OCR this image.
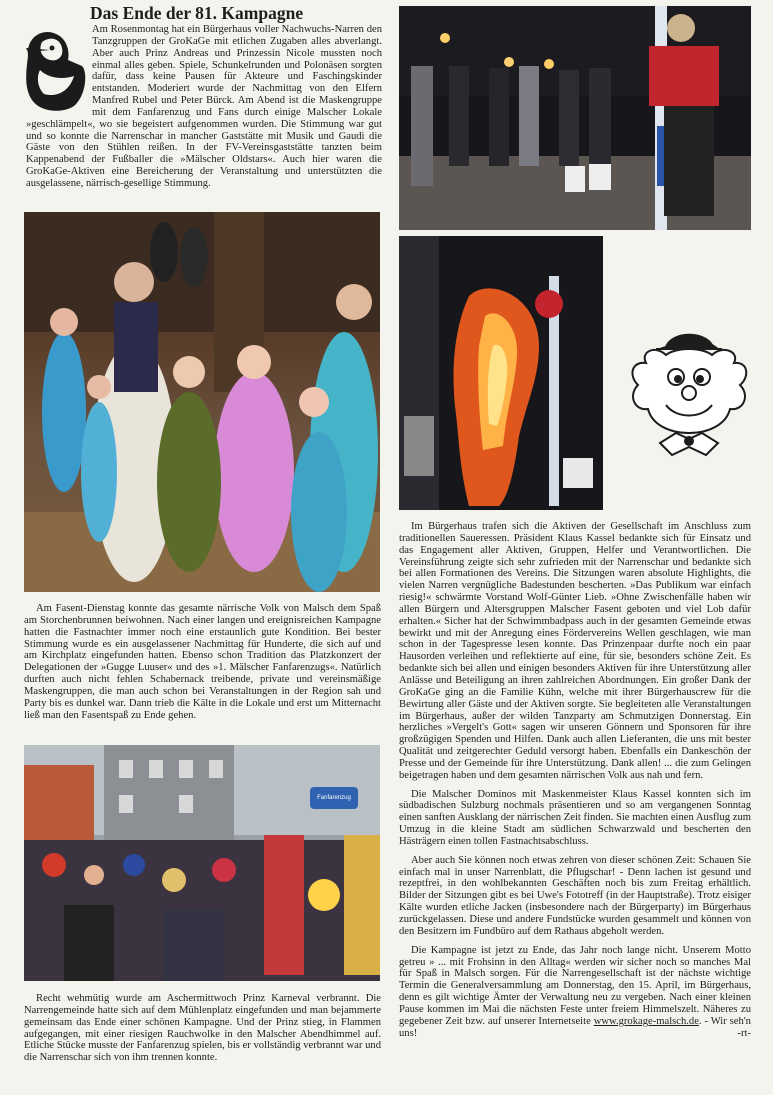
Das Ende der 81. Kampagne
Am Rosenmontag hat ein Bürgerhaus voller Nachwuchs-Narren den Tanzgruppen der GroKaGe mit etlichen Zugaben alles abverlangt. Aber auch Prinz Andreas und Prinzessin Nicole mussten noch einmal alles geben. Spiele, Schunkelrunden und Polonäsen sorgten dafür, dass keine Pausen für Akteure und Faschingskinder entstanden. Moderiert wurde der Nachmittag von den Elfern Manfred Rubel und Peter Bürck. Am Abend ist die Maskengruppe mit dem Fanfarenzug und Fans durch einige Malscher Lokale »geschlämpelt«, wo sie begeistert aufgenommen wurden. Die Stimmung war gut und so konnte die Narrenschar in mancher Gaststätte mit Musik und Gaudi die Gäste von den Stühlen reißen. In der FV-Vereinsgaststätte tanzten beim Kappenabend der Fußballer die »Mälscher Oldstars«. Auch hier waren die GroKaGe-Aktiven eine Bereicherung der Veranstaltung und unterstützten die ausgelassene, närrisch-gesellige Stimmung.

Am Fasent-Dienstag konnte das gesamte närrische Volk von Malsch dem Spaß am Storchenbrunnen beiwohnen. Nach einer langen und ereignisreichen Kampagne hatten die Fastnachter immer noch eine erstaunlich gute Kondition. Bei bester Stimmung wurde es ein ausgelassener Nachmittag für Hunderte, die sich auf und am Kirchplatz eingefunden hatten. Ebenso schon Tradition das Platzkonzert der Delegationen der »Gugge Luuser« und des »1. Mälscher Fanfarenzugs«. Natürlich durften auch nicht fehlen Schabernack treibende, private und vereinsmäßige Maskengruppen, die man auch schon bei Veranstaltungen in der Region sah und Party bis es dunkel war. Dann trieb die Kälte in die Lokale und erst um Mitternacht ließ man den Fasentspaß zu Ende gehen.

Fanfarenzug

Recht wehmütig wurde am Aschermittwoch Prinz Karneval verbrannt. Die Narrengemeinde hatte sich auf dem Mühlenplatz eingefunden und man bejammerte gemeinsam das Ende einer schönen Kampagne. Und der Prinz stieg, in Flammen aufgegangen, mit einer riesigen Rauchwolke in den Malscher Abendhimmel auf. Etliche Stücke musste der Fanfarenzug spielen, bis er vollständig verbrannt war und die Narrenschar sich von ihm trennen konnte.

Im Bürgerhaus trafen sich die Aktiven der Gesellschaft im Anschluss zum traditionellen Saueressen. Präsident Klaus Kassel bedankte sich für Einsatz und das Engagement aller Aktiven, Gruppen, Helfer und Verantwortlichen. Die Vereinsführung zeigte sich sehr zufrieden mit der Narrenschar und bedankte sich bei allen Formationen des Vereins. Die Sitzungen waren absolute Highlights, die vielen Narren vergnügliche Badestunden bescherten. »Das Publikum war einfach riesig!« schwärmte Vorstand Wolf-Günter Lieb. »Ohne Zwischenfälle haben wir allen Bürgern und Altersgruppen Malscher Fasent geboten und viel Lob dafür erhalten.« Sicher hat der Schwimmbadpass auch in der gesamten Gemeinde etwas bewirkt und mit der Anregung eines Fördervereins Wellen geschlagen, wie man schon in der Tagespresse lesen konnte. Das Prinzenpaar durfte noch ein paar Hausorden verleihen und reflektierte auf eine, für sie, besonders schöne Zeit. Es bedankte sich bei allen und einigen besonders Aktiven für ihre Unterstützung aller Anlässe und Beteiligung an ihren zahlreichen Abordnungen. Ein großer Dank der GroKaGe ging an die Familie Kühn, welche mit ihrer Bürgerhauscrew für die Bewirtung aller Gäste und der Aktiven sorgte. Sie begleiteten alle Veranstaltungen im Bürgerhaus, außer der wilden Tanzparty am Schmutzigen Donnerstag. Ein herzliches »Vergelt's Gott« sagen wir unseren Gönnern und Sponsoren für ihre großzügigen Spenden und Hilfen. Dank auch allen Lieferanten, die uns mit bester Qualität und zeitgerechter Geduld versorgt haben. Ebenfalls ein Dankeschön der Presse und der Gemeinde für ihre Unterstützung. Dank allen! ... die zum Gelingen beigetragen haben und dem gesamten närrischen Volk aus nah und fern.

Die Malscher Dominos mit Maskenmeister Klaus Kassel konnten sich im südbadischen Sulzburg nochmals präsentieren und so am vergangenen Sonntag einen sanften Ausklang der närrischen Zeit finden. Sie machten einen Ausflug zum Umzug in die kleine Stadt am südlichen Schwarzwald und bescherten den Hästrägern einen tollen Fastnachtsabschluss.

Aber auch Sie können noch etwas zehren von dieser schönen Zeit: Schauen Sie einfach mal in unser Narrenblatt, die Pflugschar! - Denn lachen ist gesund und rezeptfrei, in den wohlbekannten Geschäften noch bis zum Freitag erhältlich. Bilder der Sitzungen gibt es bei Uwe's Fototreff (in der Hauptstraße). Trotz eisiger Kälte wurden etliche Jacken (insbesondere nach der Bürgerparty) im Bürgerhaus zurückgelassen. Diese und andere Fundstücke wurden gesammelt und können von den Besitzern im Fundbüro auf dem Rathaus abgeholt werden.

Die Kampagne ist jetzt zu Ende, das Jahr noch lange nicht. Unserem Motto getreu » ... mit Frohsinn in den Alltag« werden wir sicher noch so manches Mal für Spaß in Malsch sorgen. Für die Narrengesellschaft ist der nächste wichtige Termin die Generalversammlung am Donnerstag, den 15. April, im Bürgerhaus, denn es gilt wichtige Ämter der Verwaltung neu zu vergeben. Nach einer kleinen Pause kommen im Mai die nächsten Feste unter freiem Himmelszelt. Näheres zu gegebener Zeit bzw. auf unserer Internetseite www.grokage-malsch.de. - Wir seh'n uns!	-rt-
